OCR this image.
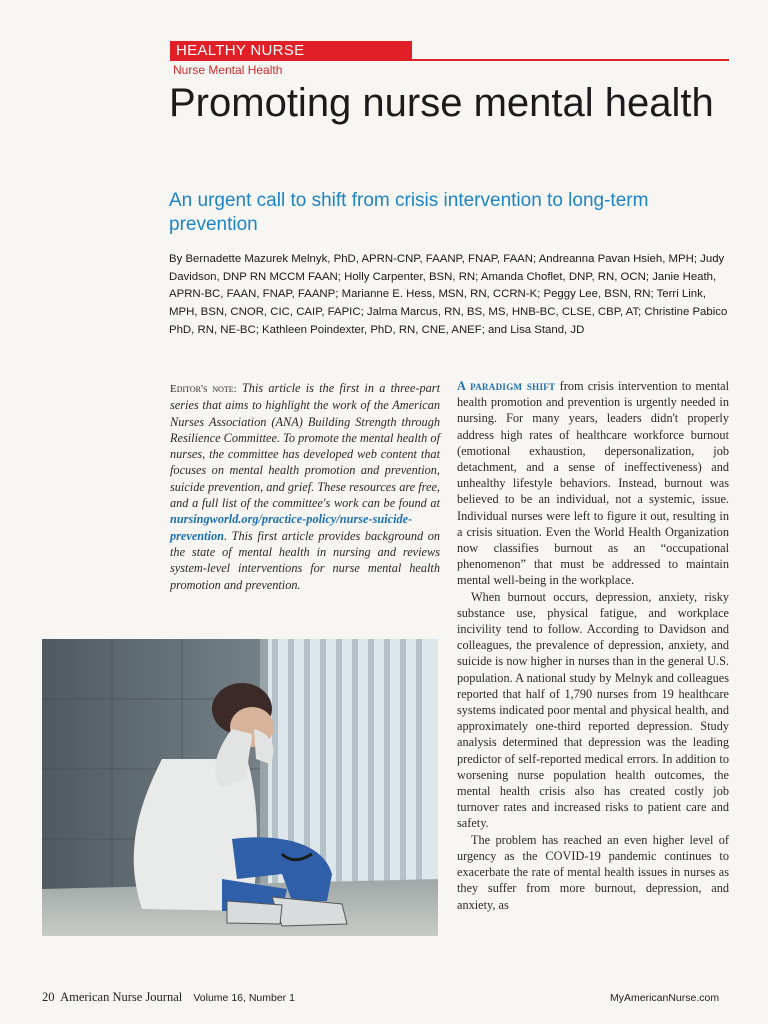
HEALTHY NURSE
Nurse Mental Health
Promoting nurse mental health
An urgent call to shift from crisis intervention to long-term prevention
By Bernadette Mazurek Melnyk, PhD, APRN-CNP, FAANP, FNAP, FAAN; Andreanna Pavan Hsieh, MPH; Judy Davidson, DNP RN MCCM FAAN; Holly Carpenter, BSN, RN; Amanda Choflet, DNP, RN, OCN; Janie Heath, APRN-BC, FAAN, FNAP, FAANP; Marianne E. Hess, MSN, RN, CCRN-K; Peggy Lee, BSN, RN; Terri Link, MPH, BSN, CNOR, CIC, CAIP, FAPIC; Jalma Marcus, RN, BS, MS, HNB-BC, CLSE, CBP, AT; Christine Pabico PhD, RN, NE-BC; Kathleen Poindexter, PhD, RN, CNE, ANEF; and Lisa Stand, JD
Editor's note: This article is the first in a three-part series that aims to highlight the work of the American Nurses Association (ANA) Building Strength through Resilience Committee. To promote the mental health of nurses, the committee has developed web content that focuses on mental health promotion and prevention, suicide prevention, and grief. These resources are free, and a full list of the committee's work can be found at nursingworld.org/practice-policy/nurse-suicide-prevention. This first article provides background on the state of mental health in nursing and reviews system-level interventions for nurse mental health promotion and prevention.

A paradigm shift from crisis intervention to mental health promotion and prevention is urgently needed in nursing. For many years, leaders didn't properly address high rates of healthcare workforce burnout (emotional exhaustion, depersonalization, job detachment, and a sense of ineffectiveness) and unhealthy lifestyle behaviors. Instead, burnout was believed to be an individual, not a systemic, issue. Individual nurses were left to figure it out, resulting in a crisis situation. Even the World Health Organization now classifies burnout as an “occupational phenomenon” that must be addressed to maintain mental well-being in the workplace.

When burnout occurs, depression, anxiety, risky substance use, physical fatigue, and workplace incivility tend to follow. According to Davidson and colleagues, the prevalence of depression, anxiety, and suicide is now higher in nurses than in the general U.S. population. A national study by Melnyk and colleagues reported that half of 1,790 nurses from 19 healthcare systems indicated poor mental and physical health, and approximately one-third reported depression. Study analysis determined that depression was the leading predictor of self-reported medical errors. In addition to worsening nurse population health outcomes, the mental health crisis also has created costly job turnover rates and increased risks to patient care and safety.

The problem has reached an even higher level of urgency as the COVID-19 pandemic continues to exacerbate the rate of mental health issues in nurses as they suffer from more burnout, depression, and anxiety, as

20 American Nurse Journal Volume 16, Number 1	MyAmericanNurse.com
